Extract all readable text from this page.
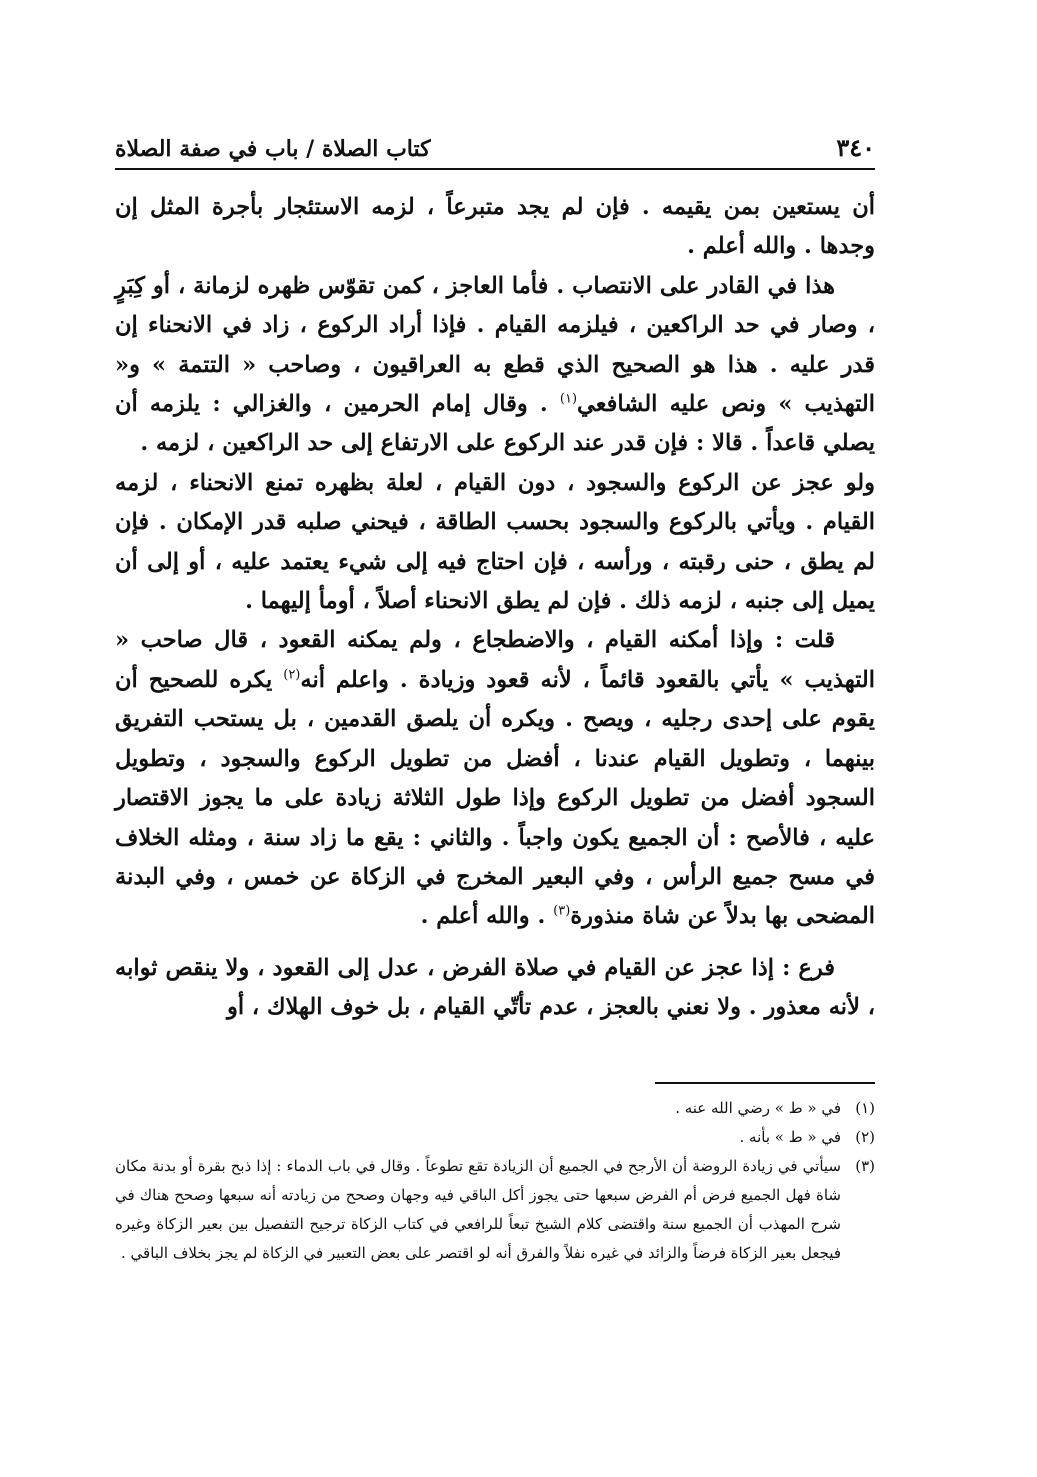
٣٤٠
كتاب الصلاة / باب في صفة الصلاة

أن يستعين بمن يقيمه . فإن لم يجد متبرعاً ، لزمه الاستئجار بأجرة المثل إن وجدها . والله أعلم .

هذا في القادر على الانتصاب . فأما العاجز ، كمن تقوّس ظهره لزمانة ، أو كِبَرٍ ، وصار في حد الراكعين ، فيلزمه القيام . فإذا أراد الركوع ، زاد في الانحناء إن قدر عليه . هذا هو الصحيح الذي قطع به العراقيون ، وصاحب « التتمة » و« التهذيب » ونص عليه الشافعي$^{(١)}$ . وقال إمام الحرمين ، والغزالي : يلزمه أن يصلي قاعداً . قالا : فإن قدر عند الركوع على الارتفاع إلى حد الراكعين ، لزمه .

ولو عجز عن الركوع والسجود ، دون القيام ، لعلة بظهره تمنع الانحناء ، لزمه القيام . ويأتي بالركوع والسجود بحسب الطاقة ، فيحني صلبه قدر الإمكان . فإن لم يطق ، حنى رقبته ، ورأسه ، فإن احتاج فيه إلى شيء يعتمد عليه ، أو إلى أن يميل إلى جنبه ، لزمه ذلك . فإن لم يطق الانحناء أصلاً ، أومأ إليهما .

قلت : وإذا أمكنه القيام ، والاضطجاع ، ولم يمكنه القعود ، قال صاحب « التهذيب » يأتي بالقعود قائماً ، لأنه قعود وزيادة . واعلم أنه$^{(٢)}$ يكره للصحيح أن يقوم على إحدى رجليه ، ويصح . ويكره أن يلصق القدمين ، بل يستحب التفريق بينهما ، وتطويل القيام عندنا ، أفضل من تطويل الركوع والسجود ، وتطويل السجود أفضل من تطويل الركوع وإذا طول الثلاثة زيادة على ما يجوز الاقتصار عليه ، فالأصح : أن الجميع يكون واجباً . والثاني : يقع ما زاد سنة ، ومثله الخلاف في مسح جميع الرأس ، وفي البعير المخرج في الزكاة عن خمس ، وفي البدنة المضحى بها بدلاً عن شاة منذورة$^{(٣)}$ . والله أعلم .

فرع : إذا عجز عن القيام في صلاة الفرض ، عدل إلى القعود ، ولا ينقص ثوابه ، لأنه معذور . ولا نعني بالعجز ، عدم تأتّي القيام ، بل خوف الهلاك ، أو

(١)
في « ط » رضي الله عنه .
(٢)
في « ط » بأنه .
(٣)
سيأتي في زيادة الروضة أن الأرجح في الجميع أن الزيادة تقع تطوعاً . وقال في باب الدماء : إذا ذبح بقرة أو بدنة مكان شاة فهل الجميع فرض أم الفرض سبعها حتى يجوز أكل الباقي فيه وجهان وصحح من زيادته أنه سبعها وصحح هناك في شرح المهذب أن الجميع سنة واقتضى كلام الشيخ تبعاً للرافعي في كتاب الزكاة ترجيح التفصيل بين بعير الزكاة وغيره فيجعل بعير الزكاة فرضاً والزائد في غيره نفلاً والفرق أنه لو اقتصر على بعض التعبير في الزكاة لم يجز بخلاف الباقي .
